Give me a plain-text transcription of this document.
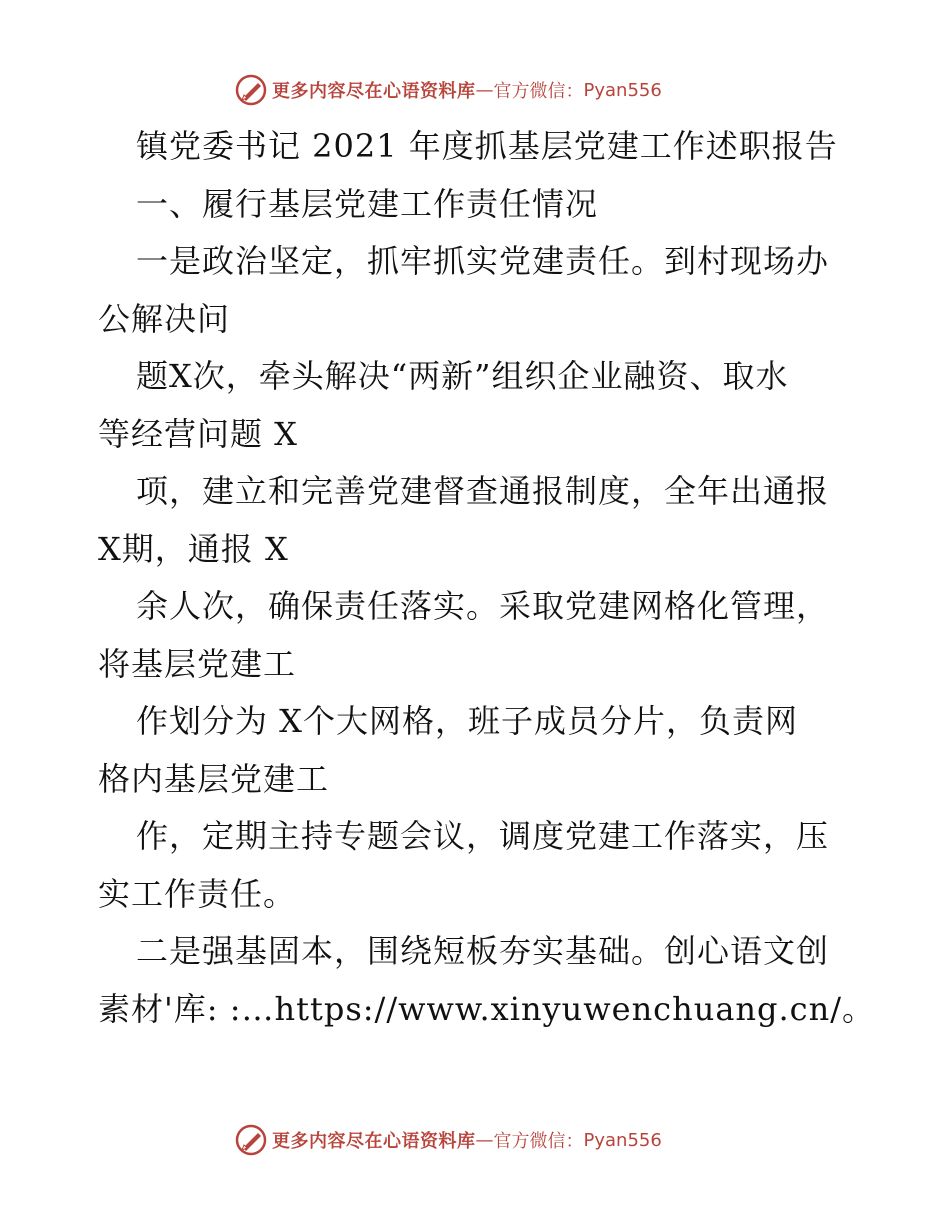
更多内容尽在心语资料库 — 官方微信： Pyan556
镇党委书记 2021 年度抓基层党建工作述职报告
一、履行基层党建工作责任情况
一是政治坚定，抓牢抓实党建责任。到村现场办
公解决问
题X次，牵头解决“两新”组织企业融资、取水
等经营问题 X
项，建立和完善党建督查通报制度，全年出通报
X期，通报 X
余人次，确保责任落实。采取党建网格化管理，
将基层党建工
作划分为 X个大网格，班子成员分片，负责网
格内基层党建工
作，定期主持专题会议，调度党建工作落实，压
实工作责任。
二是强基固本，围绕短板夯实基础。创心语文创
素材'库: :…https://www.xinyuwenchuang.cn/。
更多内容尽在心语资料库 — 官方微信： Pyan556
